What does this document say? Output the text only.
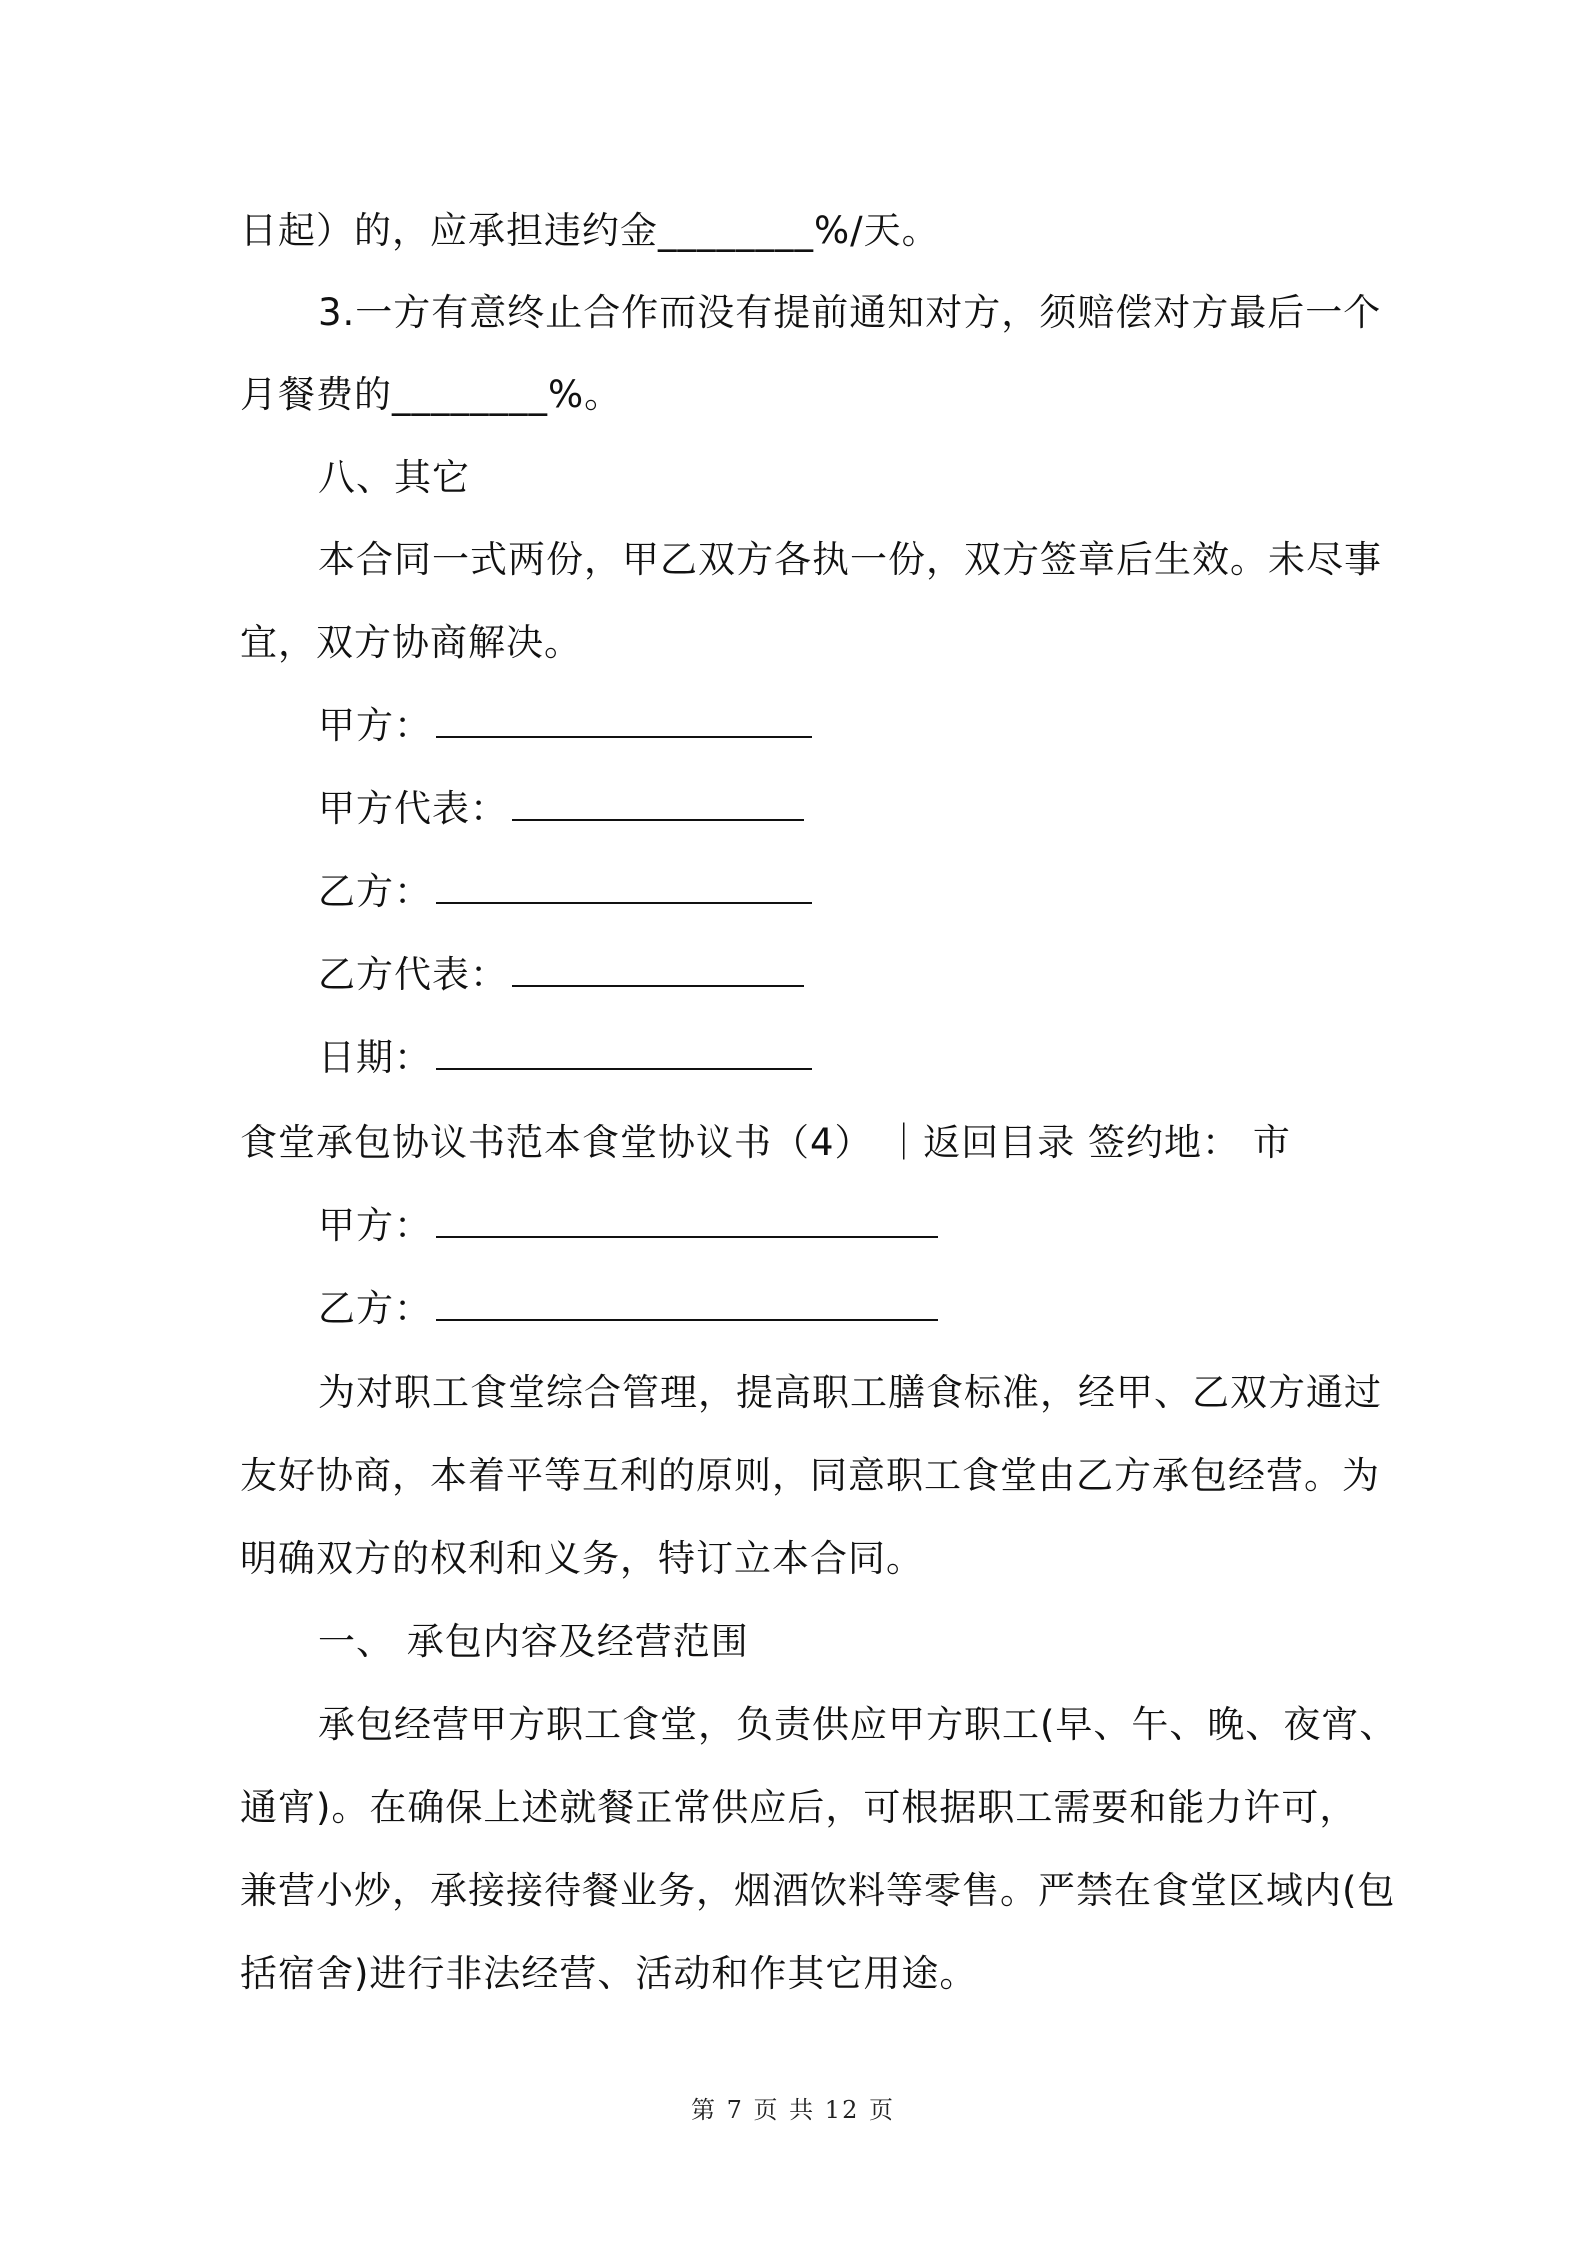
日起）的，应承担违约金________%/天。
3.一方有意终止合作而没有提前通知对方，须赔偿对方最后一个
月餐费的________%。
八、其它
本合同一式两份，甲乙双方各执一份，双方签章后生效。未尽事
宜，双方协商解决。
甲方：
甲方代表：
乙方：
乙方代表：
日期：
食堂承包协议书范本食堂协议书（4） ｜返回目录 签约地： 市
甲方：
乙方：
为对职工食堂综合管理，提高职工膳食标准，经甲、乙双方通过
友好协商，本着平等互利的原则，同意职工食堂由乙方承包经营。为
明确双方的权利和义务，特订立本合同。
一、 承包内容及经营范围
承包经营甲方职工食堂，负责供应甲方职工(早、午、晚、夜宵、
通宵)。在确保上述就餐正常供应后，可根据职工需要和能力许可，
兼营小炒，承接接待餐业务，烟酒饮料等零售。严禁在食堂区域内(包
括宿舍)进行非法经营、活动和作其它用途。
第 7 页 共 12 页
